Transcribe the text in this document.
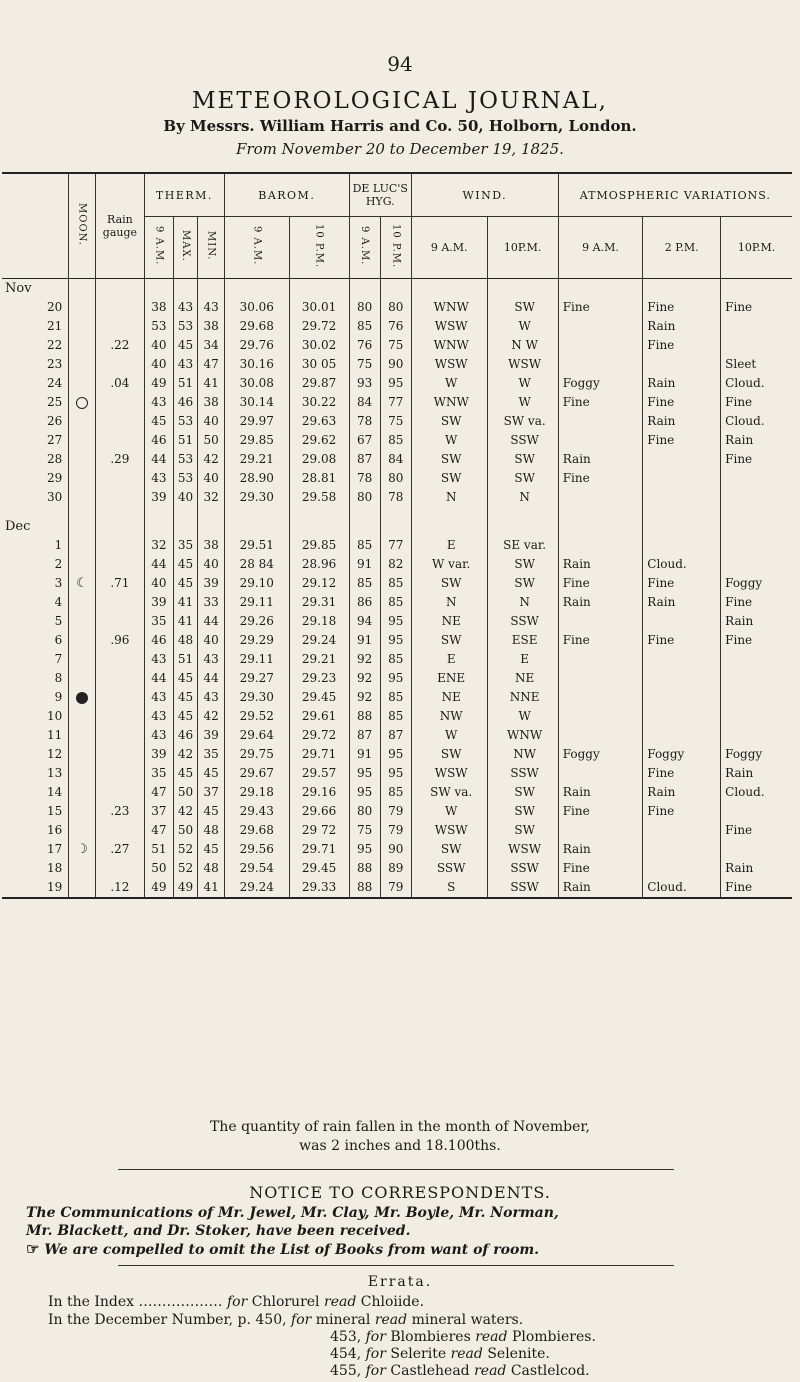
94
METEOROLOGICAL JOURNAL,
By Messrs. William Harris and Co. 50, Holborn, London.
From November 20 to December 19, 1825.
	MOON.	Rain gauge	THERM.			BAROM.		DE LUC'S HYG.		WIND.		ATMOSPHERIC VARIATIONS.		
			9 A.M.	MAX.	MIN.	9 A.M.	10 P.M.	9 A.M.	10 P.M.	9 A.M.	10P.M.	9 A.M.	2 P.M.	10P.M.
Nov														
20			38	43	43	30.06	30.01	80	80	WNW	SW	Fine	Fine	Fine
21			53	53	38	29.68	29.72	85	76	WSW	W		Rain	
22		.22	40	45	34	29.76	30.02	76	75	WNW	N W		Fine	
23			40	43	47	30.16	30 05	75	90	WSW	WSW			Sleet
24		.04	49	51	41	30.08	29.87	93	95	W	W	Foggy	Rain	Cloud.
25			43	46	38	30.14	30.22	84	77	WNW	W	Fine	Fine	Fine
26			45	53	40	29.97	29.63	78	75	SW	SW va.		Rain	Cloud.
27			46	51	50	29.85	29.62	67	85	W	SSW		Fine	Rain
28		.29	44	53	42	29.21	29.08	87	84	SW	SW	Rain		Fine
29			43	53	40	28.90	28.81	78	80	SW	SW	Fine		
30			39	40	32	29.30	29.58	80	78	N	N			

Dec														
1			32	35	38	29.51	29.85	85	77	E	SE var.			
2			44	45	40	28 84	28.96	91	82	W var.	SW	Rain	Cloud.	
3	☾	.71	40	45	39	29.10	29.12	85	85	SW	SW	Fine	Fine	Foggy
4			39	41	33	29.11	29.31	86	85	N	N	Rain	Rain	Fine
5			35	41	44	29.26	29.18	94	95	NE	SSW			Rain
6		.96	46	48	40	29.29	29.24	91	95	SW	ESE	Fine	Fine	Fine
7			43	51	43	29.11	29.21	92	85	E	E			
8			44	45	44	29.27	29.23	92	95	ENE	NE			
9			43	45	43	29.30	29.45	92	85	NE	NNE			
10			43	45	42	29.52	29.61	88	85	NW	W			
11			43	46	39	29.64	29.72	87	87	W	WNW			
12			39	42	35	29.75	29.71	91	95	SW	NW	Foggy	Foggy	Foggy
13			35	45	45	29.67	29.57	95	95	WSW	SSW		Fine	Rain
14			47	50	37	29.18	29.16	95	85	SW va.	SW	Rain	Rain	Cloud.
15		.23	37	42	45	29.43	29.66	80	79	W	SW	Fine	Fine	
16			47	50	48	29.68	29 72	75	79	WSW	SW			Fine
17	☽	.27	51	52	45	29.56	29.71	95	90	SW	WSW	Rain		
18			50	52	48	29.54	29.45	88	89	SSW	SSW	Fine		Rain
19		.12	49	49	41	29.24	29.33	88	79	S	SSW	Rain	Cloud.	Fine
The quantity of rain fallen in the month of November,
was 2 inches and 18.100ths.
NOTICE TO CORRESPONDENTS.
The Communications of Mr. Jewel, Mr. Clay, Mr. Boyle, Mr. Norman,
Mr. Blackett, and Dr. Stoker, have been received.
☞ We are compelled to omit the List of Books from want of room.
Errata.
In the Index ……………… for Chlorurel read Chloiide.
In the December Number, p. 450, for mineral read mineral waters.
453, for Blombieres read Plombieres.
454, for Selerite read Selenite.
455, for Castlehead read Castlelcod.
